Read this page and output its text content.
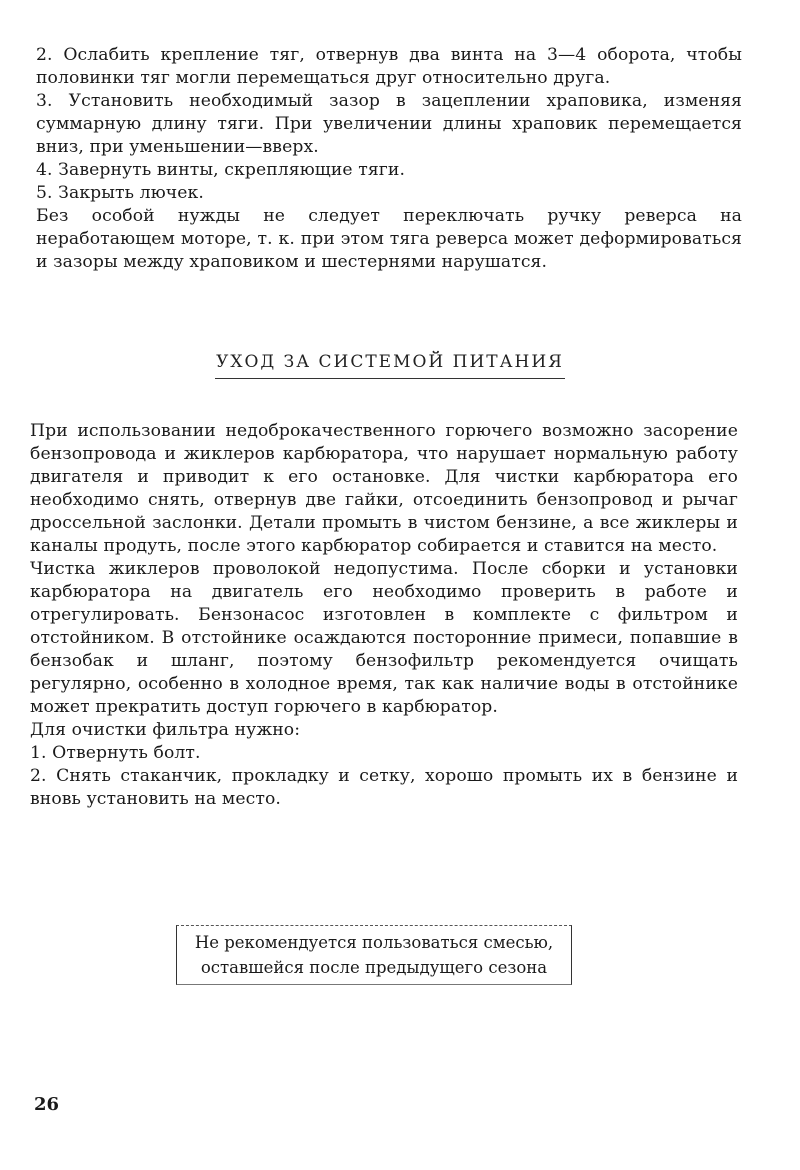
2. Ослабить крепление тяг, отвернув два винта на 3—4 оборота, чтобы половинки тяг могли перемещаться друг относительно друга.

3. Установить необходимый зазор в зацеплении храповика, изменяя суммарную длину тяги. При увеличении длины храповик перемещается вниз, при уменьшении—вверх.

4. Завернуть винты, скрепляющие тяги.

5. Закрыть лючек.

Без особой нужды не следует переключать ручку реверса на неработающем моторе, т. к. при этом тяга реверса может деформироваться и зазоры между храповиком и шестернями нарушатся.

УХОД ЗА СИСТЕМОЙ ПИТАНИЯ

При использовании недоброкачественного горючего возможно засорение бензопровода и жиклеров карбюратора, что нарушает нормальную работу двигателя и приводит к его остановке. Для чистки карбюратора его необходимо снять, отвернув две гайки, отсоединить бензопровод и рычаг дроссельной заслонки. Детали промыть в чистом бензине, а все жиклеры и каналы продуть, после этого карбюратор собирается и ставится на место.

Чистка жиклеров проволокой недопустима. После сборки и установки карбюратора на двигатель его необходимо проверить в работе и отрегулировать. Бензонасос изготовлен в комплекте с фильтром и отстойником. В отстойнике осаждаются посторонние примеси, попавшие в бензобак и шланг, поэтому бензофильтр рекомендуется очищать регулярно, особенно в холодное время, так как наличие воды в отстойнике может прекратить доступ горючего в карбюратор.

Для очистки фильтра нужно:

1. Отвернуть болт.

2. Снять стаканчик, прокладку и сетку, хорошо промыть их в бензине и вновь установить на место.

Не рекомендуется пользоваться смесью,
оставшейся после предыдущего сезона
26
